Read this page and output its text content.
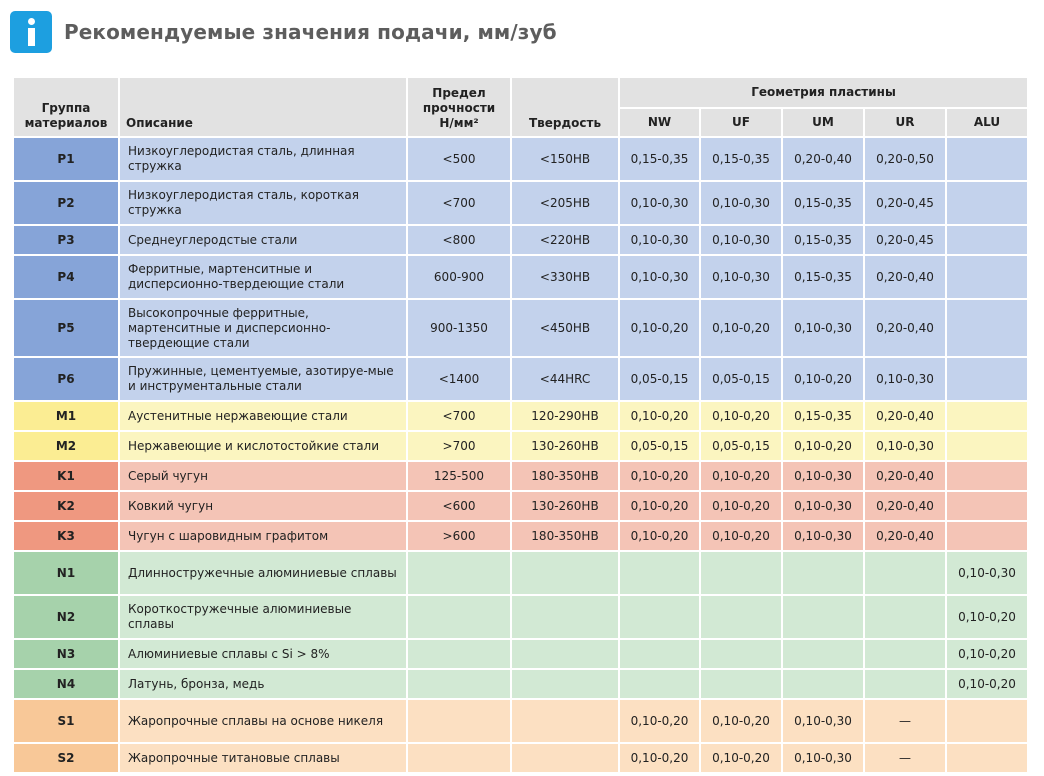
Рекомендуемые значения подачи, мм/зуб
Группа материалов	Описание	Предел прочности Н/мм²	Твердость	Геометрия пластины				
				NW	UF	UM	UR	ALU
P1	Низкоуглеродистая сталь, длинная стружка	<500	<150HB	0,15-0,35	0,15-0,35	0,20-0,40	0,20-0,50	
P2	Низкоуглеродистая сталь, короткая стружка	<700	<205HB	0,10-0,30	0,10-0,30	0,15-0,35	0,20-0,45	
P3	Среднеуглеродстые стали	<800	<220HB	0,10-0,30	0,10-0,30	0,15-0,35	0,20-0,45	
P4	Ферритные, мартенситные и дисперсионно-твердеющие стали	600-900	<330HB	0,10-0,30	0,10-0,30	0,15-0,35	0,20-0,40	
P5	Высокопрочные ферритные, мартенситные и дисперсионно-твердеющие стали	900-1350	<450HB	0,10-0,20	0,10-0,20	0,10-0,30	0,20-0,40	
P6	Пружинные, цементуемые, азотируе-мые и инструментальные стали	<1400	<44HRC	0,05-0,15	0,05-0,15	0,10-0,20	0,10-0,30	
M1	Аустенитные нержавеющие стали	<700	120-290HB	0,10-0,20	0,10-0,20	0,15-0,35	0,20-0,40	
M2	Нержавеющие и кислотостойкие стали	>700	130-260HB	0,05-0,15	0,05-0,15	0,10-0,20	0,10-0,30	
K1	Серый чугун	125-500	180-350HB	0,10-0,20	0,10-0,20	0,10-0,30	0,20-0,40	
K2	Ковкий чугун	<600	130-260HB	0,10-0,20	0,10-0,20	0,10-0,30	0,20-0,40	
K3	Чугун с шаровидным графитом	>600	180-350HB	0,10-0,20	0,10-0,20	0,10-0,30	0,20-0,40	
N1	Длинностружечные алюминиевые сплавы							0,10-0,30
N2	Короткостружечные алюминиевые сплавы							0,10-0,20
N3	Алюминиевые сплавы с Si > 8%							0,10-0,20
N4	Латунь, бронза, медь							0,10-0,20
S1	Жаропрочные сплавы на основе никеля			0,10-0,20	0,10-0,20	0,10-0,30	—	
S2	Жаропрочные титановые сплавы			0,10-0,20	0,10-0,20	0,10-0,30	—	
